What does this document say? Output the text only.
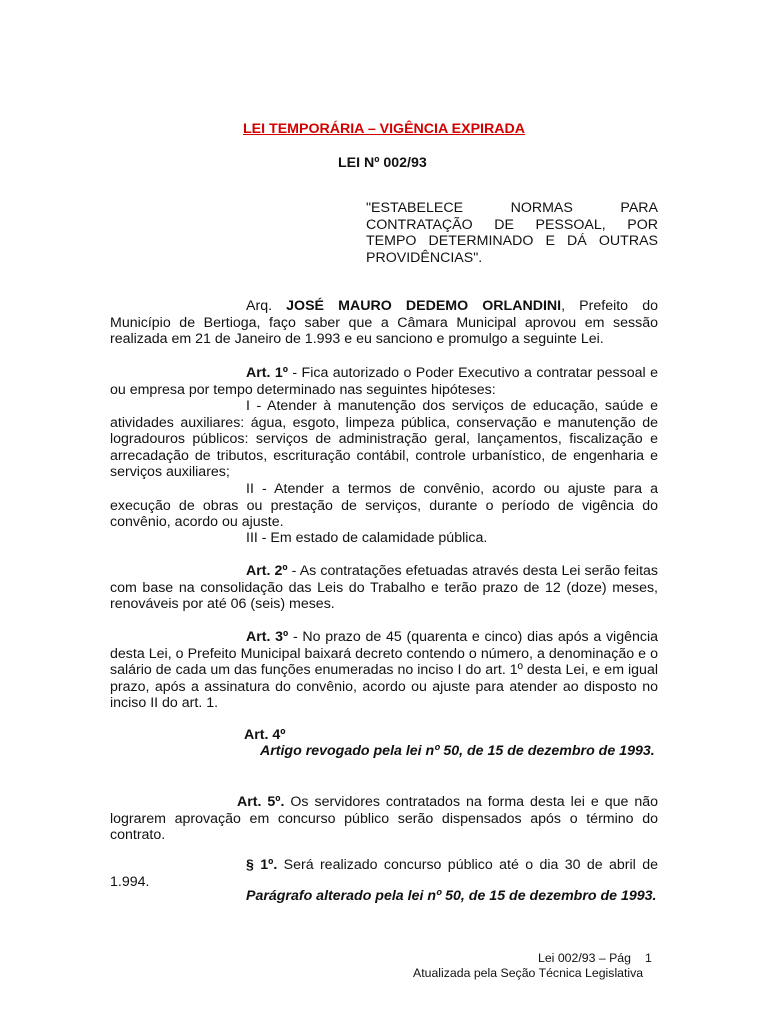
LEI TEMPORÁRIA – VIGÊNCIA EXPIRADA
LEI Nº 002/93
"ESTABELECE NORMAS PARA CONTRATAÇÃO DE PESSOAL, POR TEMPO DETERMINADO E DÁ OUTRAS PROVIDÊNCIAS".
Arq. JOSÉ MAURO DEDEMO ORLANDINI, Prefeito do Município de Bertioga, faço saber que a Câmara Municipal aprovou em sessão realizada em 21 de Janeiro de 1.993 e eu sanciono e promulgo a seguinte Lei.
Art. 1º - Fica autorizado o Poder Executivo a contratar pessoal e ou empresa por tempo determinado nas seguintes hipóteses:
I - Atender à manutenção dos serviços de educação, saúde e atividades auxiliares: água, esgoto, limpeza pública, conservação e manutenção de logradouros públicos: serviços de administração geral, lançamentos, fiscalização e arrecadação de tributos, escrituração contábil, controle urbanístico, de engenharia e serviços auxiliares;
II - Atender a termos de convênio, acordo ou ajuste para a execução de obras ou prestação de serviços, durante o período de vigência do convênio, acordo ou ajuste.
III - Em estado de calamidade pública.
Art. 2º - As contratações efetuadas através desta Lei serão feitas com base na consolidação das Leis do Trabalho e terão prazo de 12 (doze) meses, renováveis por até 06 (seis) meses.
Art. 3º - No prazo de 45 (quarenta e cinco) dias após a vigência desta Lei, o Prefeito Municipal baixará decreto contendo o número, a denominação e o salário de cada um das funções enumeradas no inciso I do art. 1º desta Lei, e em igual prazo, após a assinatura do convênio, acordo ou ajuste para atender ao disposto no inciso II do art. 1.
Art. 4º
Artigo revogado pela lei nº 50, de 15 de dezembro de 1993.
Art. 5º. Os servidores contratados na forma desta lei e que não lograrem aprovação em concurso público serão dispensados após o término do contrato.
§ 1º. Será realizado concurso público até o dia 30 de abril de 1.994.
Parágrafo alterado pela lei nº 50, de 15 de dezembro de 1993.
Lei 002/93 – Pág 1
Atualizada pela Seção Técnica Legislativa
